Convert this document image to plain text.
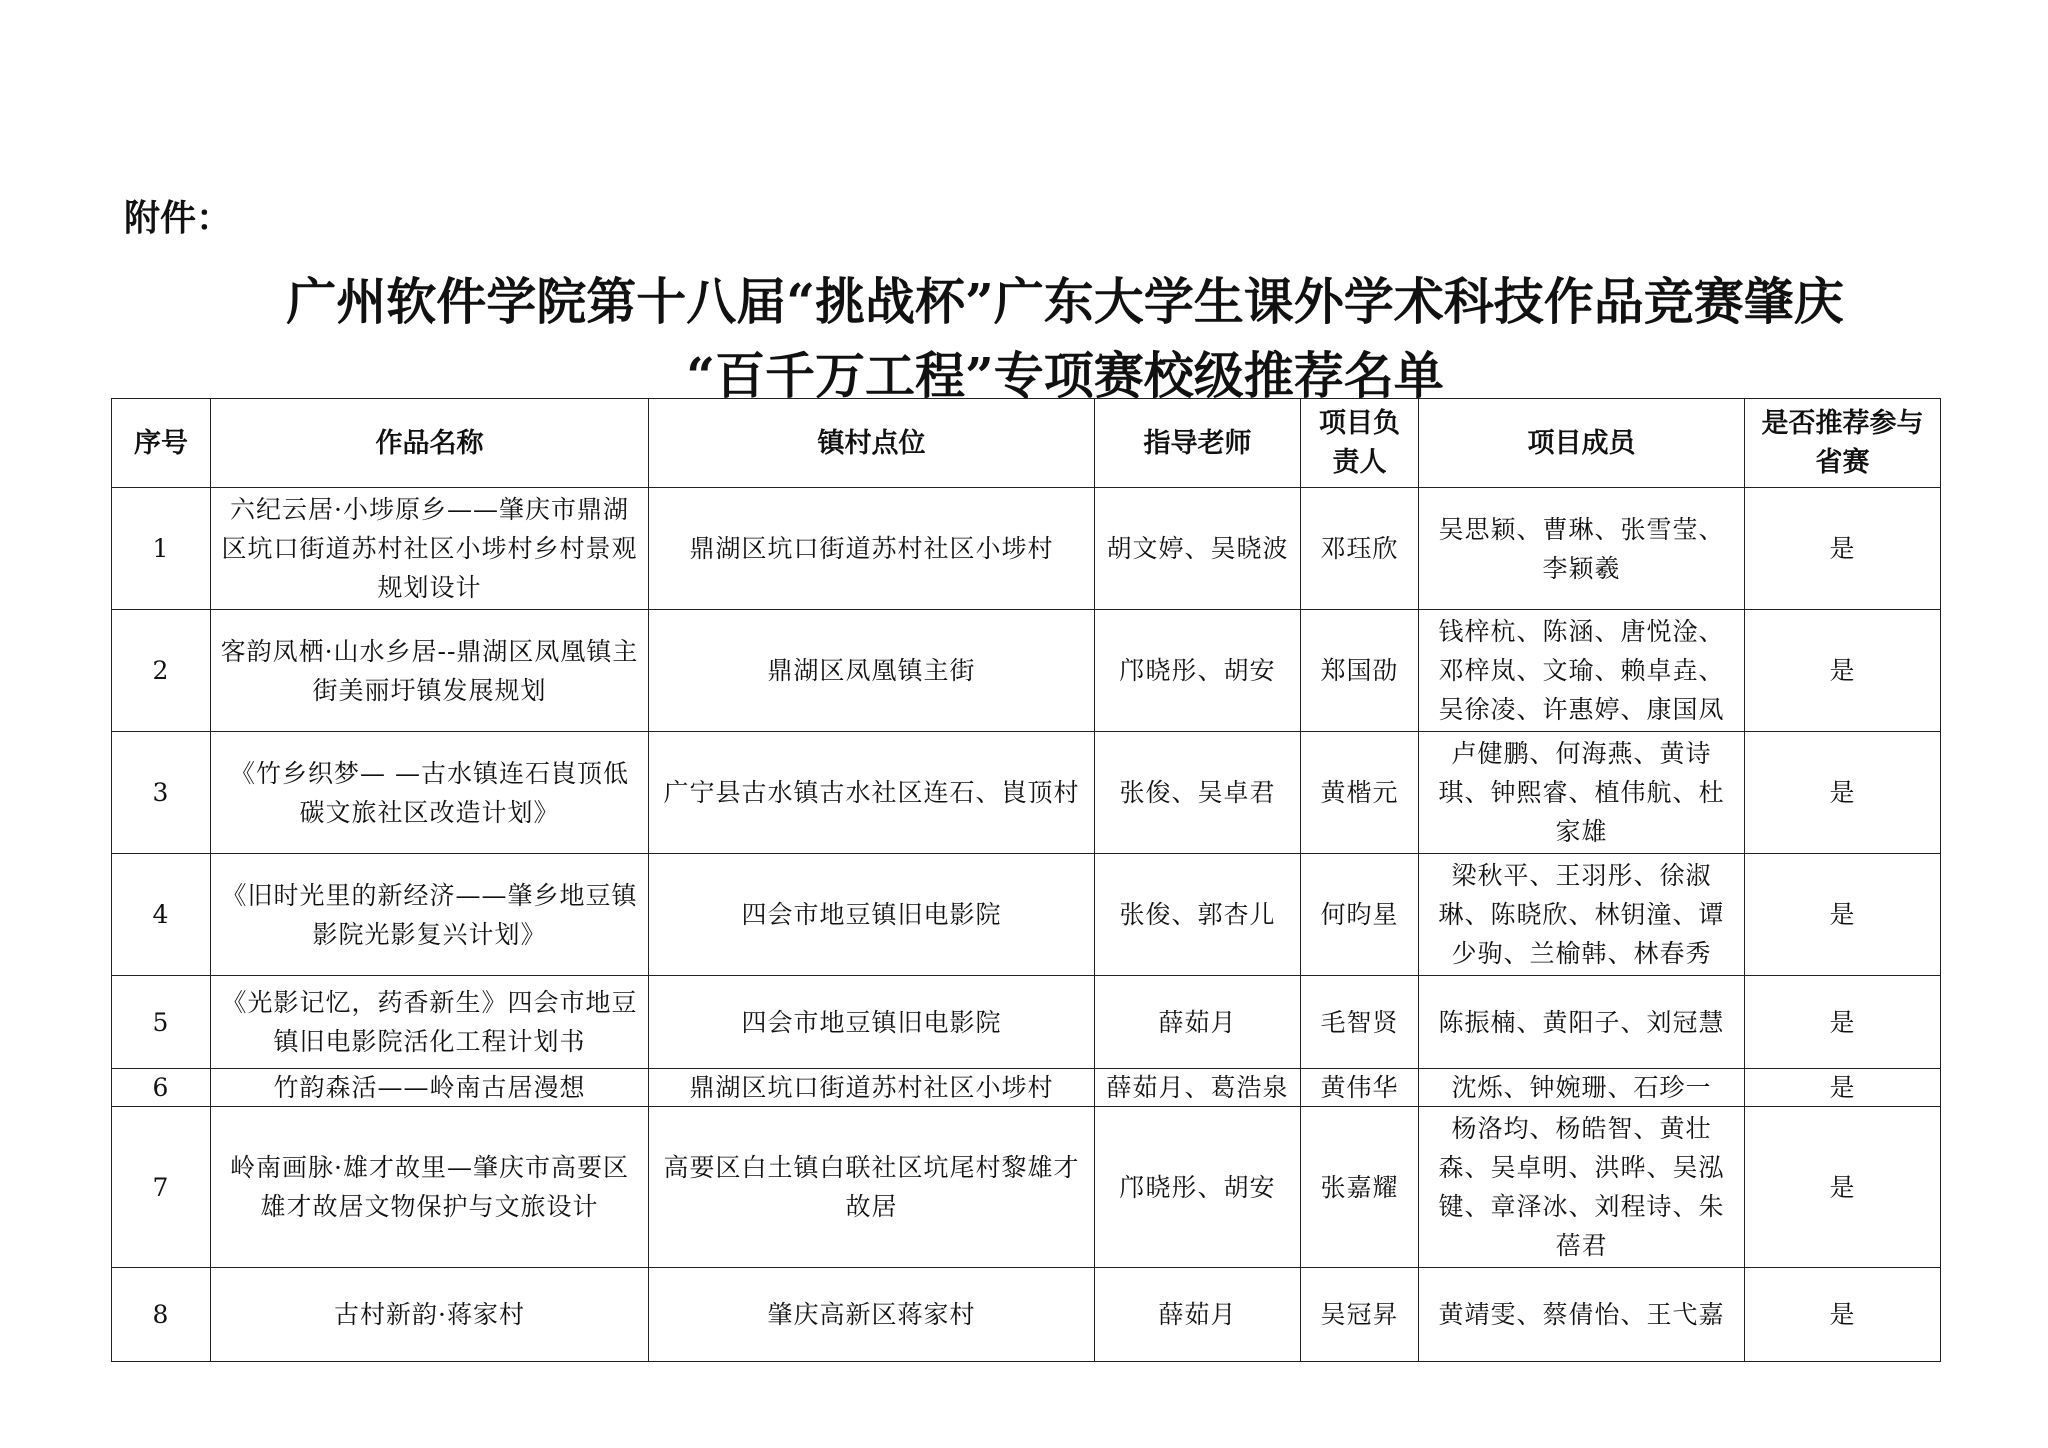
附件：
广州软件学院第十八届“挑战杯”广东大学生课外学术科技作品竞赛肇庆
“百千万工程”专项赛校级推荐名单
序号	作品名称	镇村点位	指导老师	项目负责人	项目成员	是否推荐参与省赛
1	六纪云居·小埗原乡——肇庆市鼎湖区坑口街道苏村社区小埗村乡村景观规划设计	鼎湖区坑口街道苏村社区小埗村	胡文婷、吴晓波	邓珏欣	吴思颖、曹琳、张雪莹、李颖羲	是
2	客韵凤栖·山水乡居--鼎湖区凤凰镇主街美丽圩镇发展规划	鼎湖区凤凰镇主街	邝晓彤、胡安	郑国劭	钱梓杭、陈涵、唐悦淦、邓梓岚、文瑜、赖卓垚、吴徐凌、许惠婷、康国凤	是
3	《竹乡织梦— —古水镇连石崀顶低碳文旅社区改造计划》	广宁县古水镇古水社区连石、崀顶村	张俊、吴卓君	黄楷元	卢健鹏、何海燕、黄诗琪、钟熙睿、植伟航、杜家雄	是
4	《旧时光里的新经济——肇乡地豆镇影院光影复兴计划》	四会市地豆镇旧电影院	张俊、郭杏儿	何昀星	梁秋平、王羽彤、徐淑琳、陈晓欣、林钥潼、谭少驹、兰榆韩、林春秀	是
5	《光影记忆，药香新生》四会市地豆镇旧电影院活化工程计划书	四会市地豆镇旧电影院	薛茹月	毛智贤	陈振楠、黄阳子、刘冠慧	是
6	竹韵森活——岭南古居漫想	鼎湖区坑口街道苏村社区小埗村	薛茹月、葛浩泉	黄伟华	沈烁、钟婉珊、石珍一	是
7	岭南画脉·雄才故里—肇庆市高要区雄才故居文物保护与文旅设计	高要区白土镇白联社区坑尾村黎雄才故居	邝晓彤、胡安	张嘉耀	杨洛均、杨皓智、黄壮森、吴卓明、洪晔、吴泓键、章泽冰、刘程诗、朱蓓君	是
8	古村新韵·蒋家村	肇庆高新区蒋家村	薛茹月	吴冠昇	黄靖雯、蔡倩怡、王弋嘉	是
